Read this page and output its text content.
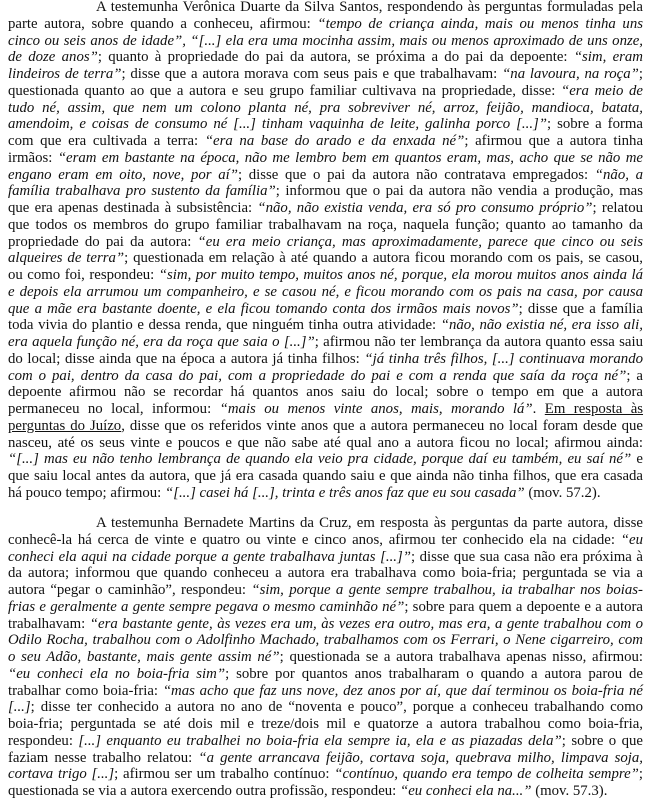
A testemunha Verônica Duarte da Silva Santos, respondendo às perguntas formuladas pela
parte autora, sobre quando a conheceu, afirmou: “tempo de criança ainda, mais ou menos tinha uns
cinco ou seis anos de idade”, “[...] ela era uma mocinha assim, mais ou menos aproximado de uns onze,
de doze anos”; quanto à propriedade do pai da autora, se próxima a do pai da depoente: “sim, eram
lindeiros de terra”; disse que a autora morava com seus pais e que trabalhavam: “na lavoura, na roça”;
questionada quanto ao que a autora e seu grupo familiar cultivava na propriedade, disse: “era meio de
tudo né, assim, que nem um colono planta né, pra sobreviver né, arroz, feijão, mandioca, batata,
amendoim, e coisas de consumo né [...] tinham vaquinha de leite, galinha porco [...]”; sobre a forma
com que era cultivada a terra: “era na base do arado e da enxada né”; afirmou que a autora tinha
irmãos: “eram em bastante na época, não me lembro bem em quantos eram, mas, acho que se não me
engano eram em oito, nove, por aí”; disse que o pai da autora não contratava empregados: “não, a
família trabalhava pro sustento da família”; informou que o pai da autora não vendia a produção, mas
que era apenas destinada à subsistência: “não, não existia venda, era só pro consumo próprio”; relatou
que todos os membros do grupo familiar trabalhavam na roça, naquela função; quanto ao tamanho da
propriedade do pai da autora: “eu era meio criança, mas aproximadamente, parece que cinco ou seis
alqueires de terra”; questionada em relação à até quando a autora ficou morando com os pais, se casou,
ou como foi, respondeu: “sim, por muito tempo, muitos anos né, porque, ela morou muitos anos ainda lá
e depois ela arrumou um companheiro, e se casou né, e ficou morando com os pais na casa, por causa
que a mãe era bastante doente, e ela ficou tomando conta dos irmãos mais novos”; disse que a família
toda vivia do plantio e dessa renda, que ninguém tinha outra atividade: “não, não existia né, era isso ali,
era aquela função né, era da roça que saia o [...]”; afirmou não ter lembrança da autora quanto essa saiu
do local; disse ainda que na época a autora já tinha filhos: “já tinha três filhos, [...] continuava morando
com o pai, dentro da casa do pai, com a propriedade do pai e com a renda que saía da roça né”; a
depoente afirmou não se recordar há quantos anos saiu do local; sobre o tempo em que a autora
permaneceu no local, informou: “mais ou menos vinte anos, mais, morando lá”. Em resposta às
perguntas do Juízo, disse que os referidos vinte anos que a autora permaneceu no local foram desde que
nasceu, até os seus vinte e poucos e que não sabe até qual ano a autora ficou no local; afirmou ainda:
“[...] mas eu não tenho lembrança de quando ela veio pra cidade, porque daí eu também, eu saí né” e
que saiu local antes da autora, que já era casada quando saiu e que ainda não tinha filhos, que era casada
há pouco tempo; afirmou: “[...] casei há [...], trinta e três anos faz que eu sou casada” (mov. 57.2).
A testemunha Bernadete Martins da Cruz, em resposta às perguntas da parte autora, disse
conhecê-la há cerca de vinte e quatro ou vinte e cinco anos, afirmou ter conhecido ela na cidade: “eu
conheci ela aqui na cidade porque a gente trabalhava juntas [...]”; disse que sua casa não era próxima à
da autora; informou que quando conheceu a autora era trabalhava como boia-fria; perguntada se via a
autora “pegar o caminhão”, respondeu: “sim, porque a gente sempre trabalhou, ia trabalhar nos boias-
frias e geralmente a gente sempre pegava o mesmo caminhão né”; sobre para quem a depoente e a autora
trabalhavam: “era bastante gente, às vezes era um, às vezes era outro, mas era, a gente trabalhou com o
Odilo Rocha, trabalhou com o Adolfinho Machado, trabalhamos com os Ferrari, o Nene cigarreiro, com
o seu Adão, bastante, mais gente assim né”; questionada se a autora trabalhava apenas nisso, afirmou:
“eu conheci ela no boia-fria sim”; sobre por quantos anos trabalharam o quando a autora parou de
trabalhar como boia-fria: “mas acho que faz uns nove, dez anos por aí, que daí terminou os boia-fria né
[...]; disse ter conhecido a autora no ano de “noventa e pouco”, porque a conheceu trabalhando como
boia-fria; perguntada se até dois mil e treze/dois mil e quatorze a autora trabalhou como boia-fria,
respondeu: [...] enquanto eu trabalhei no boia-fria ela sempre ia, ela e as piazadas dela”; sobre o que
faziam nesse trabalho relatou: “a gente arrancava feijão, cortava soja, quebrava milho, limpava soja,
cortava trigo [...]; afirmou ser um trabalho contínuo: “contínuo, quando era tempo de colheita sempre”;
questionada se via a autora exercendo outra profissão, respondeu: “eu conheci ela na...” (mov. 57.3).
